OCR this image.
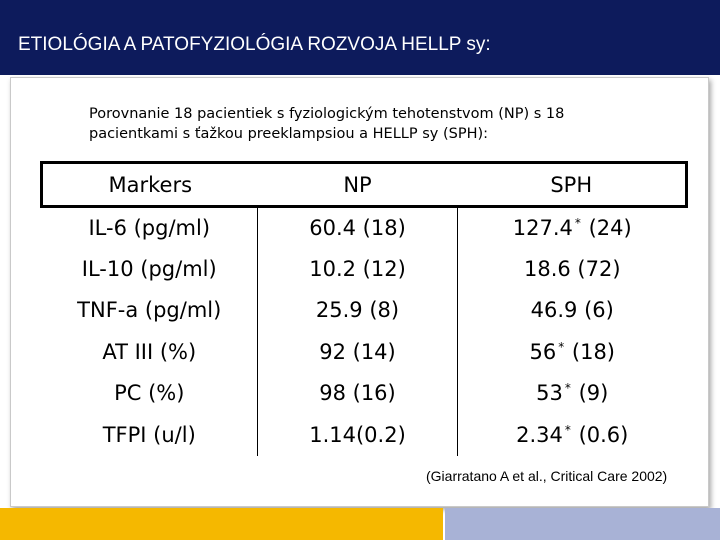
ETIOLÓGIA A PATOFYZIOLÓGIA ROZVOJA HELLP sy:
Porovnanie 18 pacientiek s fyziologickým tehotenstvom (NP) s 18
pacientkami s ťažkou preeklampsiou a HELLP sy (SPH):
Markers	NP	SPH
IL-6 (pg/ml)	60.4 (18)	127.4 * (24)
IL-10 (pg/ml)	10.2 (12)	18.6 (72)
TNF-a (pg/ml)	25.9 (8)	46.9 (6)
AT III (%)	92 (14)	56 * (18)
PC (%)	98 (16)	53 * (9)
TFPI (u/l)	1.14(0.2)	2.34 * (0.6)
(Giarratano A et al., Critical Care 2002)
